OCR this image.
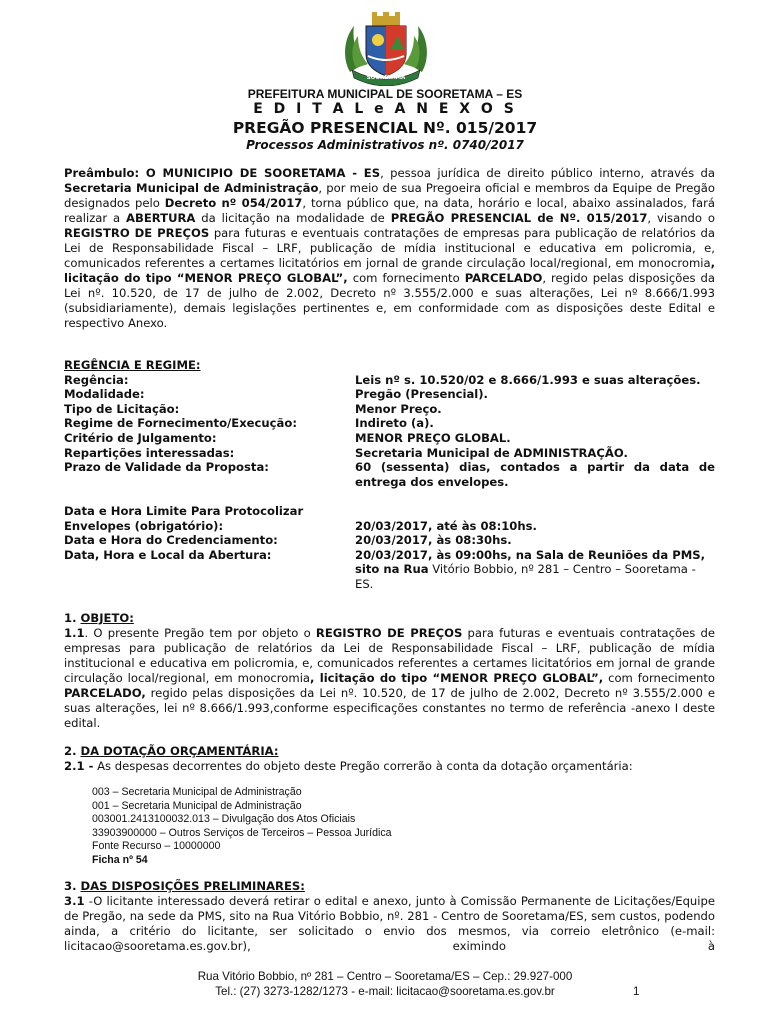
SOORETAMA
PREFEITURA MUNICIPAL DE SOORETAMA – ES
E D I T A L e A N E X O S
PREGÃO PRESENCIAL Nº. 015/2017
Processos Administrativos nº. 0740/2017
Preâmbulo: O MUNICIPIO DE SOORETAMA - ES, pessoa jurídica de direito público interno, através da Secretaria Municipal de Administração, por meio de sua Pregoeira oficial e membros da Equipe de Pregão designados pelo Decreto nº 054/2017, torna público que, na data, horário e local, abaixo assinalados, fará realizar a ABERTURA da licitação na modalidade de PREGÃO PRESENCIAL de Nº. 015/2017, visando o REGISTRO DE PREÇOS para futuras e eventuais contratações de empresas para publicação de relatórios da Lei de Responsabilidade Fiscal – LRF, publicação de mídia institucional e educativa em policromia, e, comunicados referentes a certames licitatórios em jornal de grande circulação local/regional, em monocromia, licitação do tipo “MENOR PREÇO GLOBAL”, com fornecimento PARCELADO, regido pelas disposições da Lei nº. 10.520, de 17 de julho de 2.002, Decreto nº 3.555/2.000 e suas alterações, Lei nº 8.666/1.993 (subsidiariamente), demais legislações pertinentes e, em conformidade com as disposições deste Edital e respectivo Anexo.
REGÊNCIA E REGIME:
Regência:	Leis nº s. 10.520/02 e 8.666/1.993 e suas alterações.
Modalidade:	Pregão (Presencial).
Tipo de Licitação:	Menor Preço.
Regime de Fornecimento/Execução:	Indireto (a).
Critério de Julgamento:	MENOR PREÇO GLOBAL.
Repartições interessadas:	Secretaria Municipal de ADMINISTRAÇÃO.
Prazo de Validade da Proposta:	60 (sessenta) dias, contados a partir da data de entrega dos envelopes.
Data e Hora Limite Para Protocolizar
Envelopes (obrigatório):	20/03/2017, até às 08:10hs.
Data e Hora do Credenciamento:	20/03/2017, às 08:30hs.
Data, Hora e Local da Abertura:	20/03/2017, às 09:00hs, na Sala de Reuniões da PMS, sito na Rua Vitório Bobbio, nº 281 – Centro – Sooretama - ES.
1. OBJETO:
1.1. O presente Pregão tem por objeto o REGISTRO DE PREÇOS para futuras e eventuais contratações de empresas para publicação de relatórios da Lei de Responsabilidade Fiscal – LRF, publicação de mídia institucional e educativa em policromia, e, comunicados referentes a certames licitatórios em jornal de grande circulação local/regional, em monocromia, licitação do tipo “MENOR PREÇO GLOBAL”, com fornecimento PARCELADO, regido pelas disposições da Lei nº. 10.520, de 17 de julho de 2.002, Decreto nº 3.555/2.000 e suas alterações, lei nº 8.666/1.993,conforme especificações constantes no termo de referência -anexo I deste edital.
2. DA DOTAÇÃO ORÇAMENTÁRIA:
2.1 - As despesas decorrentes do objeto deste Pregão correrão à conta da dotação orçamentária:
003 – Secretaria Municipal de Administração
001 – Secretaria Municipal de Administração
003001.2413100032.013 – Divulgação dos Atos Oficiais
33903900000 – Outros Serviços de Terceiros – Pessoa Jurídica
Fonte Recurso – 10000000
Ficha nº 54
3. DAS DISPOSIÇÕES PRELIMINARES:
3.1 -O licitante interessado deverá retirar o edital e anexo, junto à Comissão Permanente de Licitações/Equipe de Pregão, na sede da PMS, sito na Rua Vitório Bobbio, nº. 281 - Centro de Sooretama/ES, sem custos, podendo ainda, a critério do licitante, ser solicitado o envio dos mesmos, via correio eletrônico (e-mail: licitacao@sooretama.es.gov.br), eximindo à
Rua Vitório Bobbio, nº 281 – Centro – Sooretama/ES – Cep.: 29.927-000
Tel.: (27) 3273-1282/1273 - e-mail: licitacao@sooretama.es.gov.br	1
